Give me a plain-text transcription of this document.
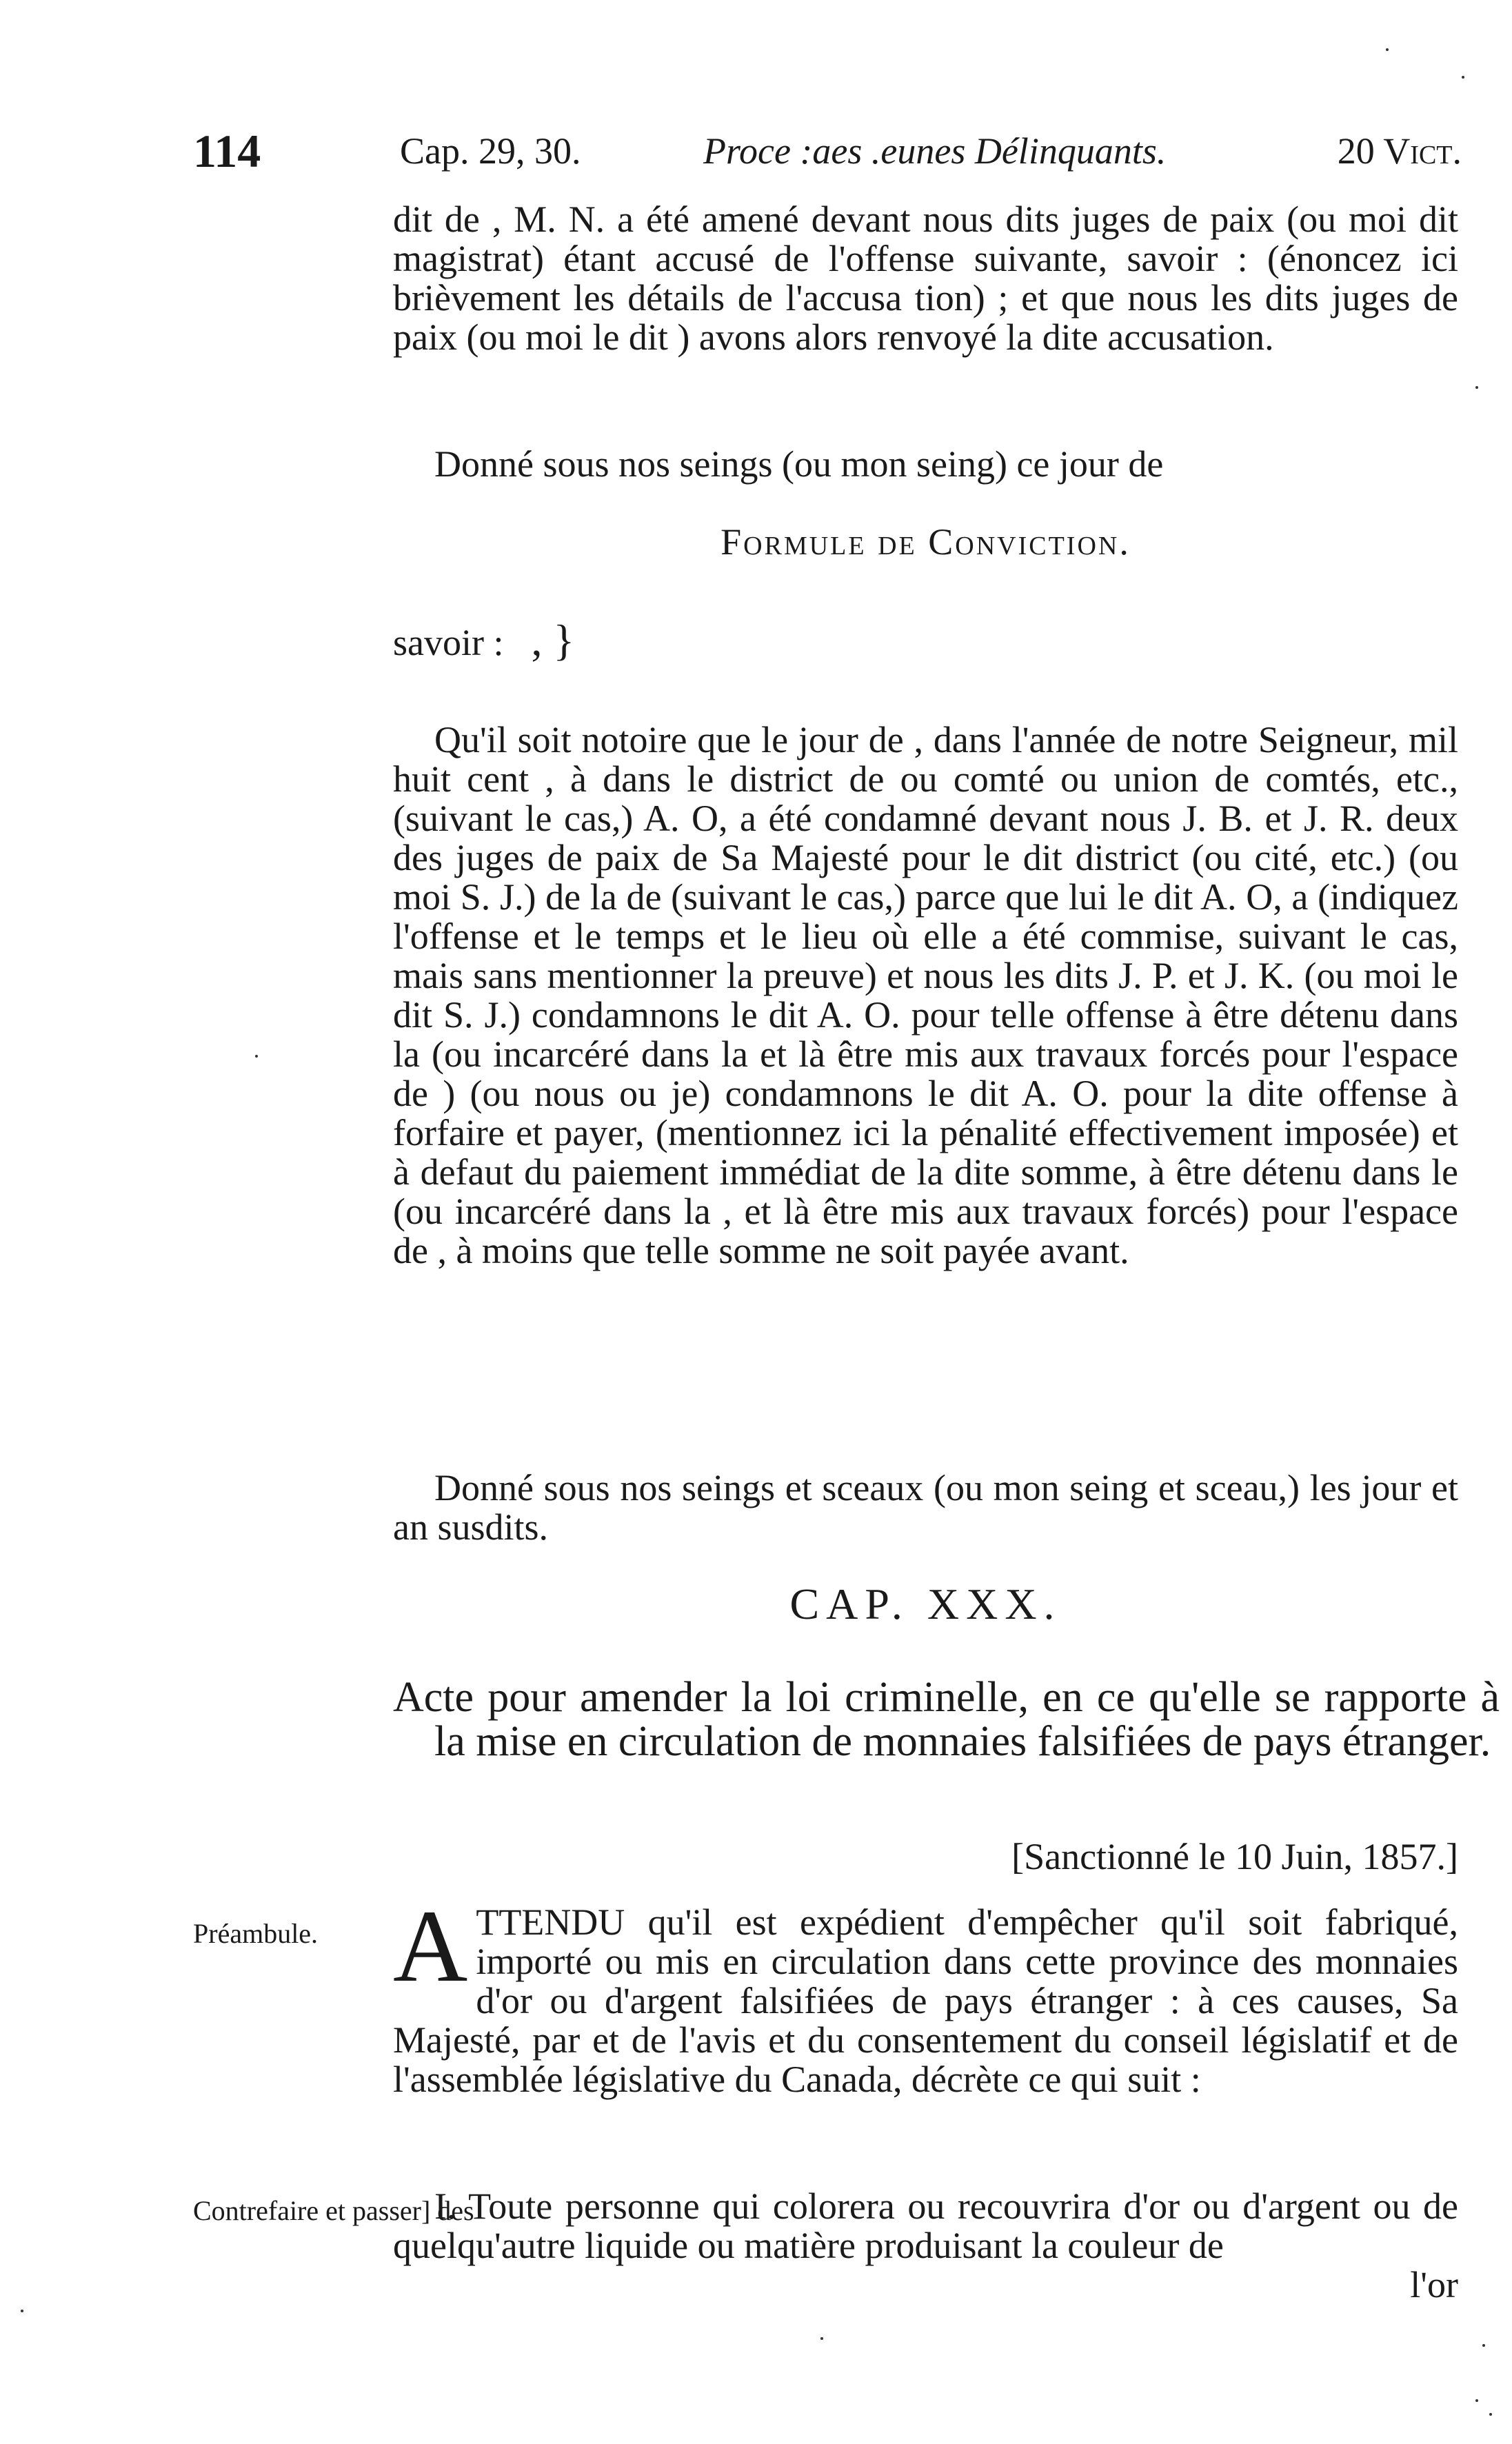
114	Cap. 29, 30.	Proce :aes .eunes Délinquants.	20 Vict.
dit de , M. N. a été amené devant nous dits juges de paix (ou moi dit magistrat) étant accusé de l'offense suivante, savoir : (énoncez ici brièvement les détails de l'accusa tion) ; et que nous les dits juges de paix (ou moi le dit ) avons alors renvoyé la dite accusation.
Donné sous nos seings (ou mon seing) ce jour de
Formule de Conviction.
savoir : , }
Qu'il soit notoire que le jour de , dans l'année de notre Seigneur, mil huit cent , à dans le district de ou comté ou union de comtés, etc., (suivant le cas,) A. O, a été condamné devant nous J. B. et J. R. deux des juges de paix de Sa Majesté pour le dit district (ou cité, etc.) (ou moi S. J.) de la de (suivant le cas,) parce que lui le dit A. O, a (indiquez l'offense et le temps et le lieu où elle a été commise, suivant le cas, mais sans mentionner la preuve) et nous les dits J. P. et J. K. (ou moi le dit S. J.) condamnons le dit A. O. pour telle offense à être détenu dans la (ou incarcéré dans la et là être mis aux travaux forcés pour l'espace de ) (ou nous ou je) condamnons le dit A. O. pour la dite offense à forfaire et payer, (mentionnez ici la pénalité effectivement imposée) et à defaut du paiement immédiat de la dite somme, à être détenu dans le (ou incarcéré dans la , et là être mis aux travaux forcés) pour l'espace de , à moins que telle somme ne soit payée avant.
Donné sous nos seings et sceaux (ou mon seing et sceau,) les jour et an susdits.
CAP. XXX.
Acte pour amender la loi criminelle, en ce qu'elle se rapporte à la mise en circulation de monnaies falsifiées de pays étranger.
[Sanctionné le 10 Juin, 1857.]
Préambule. ATTENDU qu'il est expédient d'empêcher qu'il soit fabriqué, importé ou mis en circulation dans cette province des monnaies d'or ou d'argent falsifiées de pays étranger : à ces causes, Sa Majesté, par et de l'avis et du consentement du conseil législatif et de l'assemblée législative du Canada, décrète ce qui suit :
Contrefaire et passer] des
I. Toute personne qui colorera ou recouvrira d'or ou d'argent ou de quelqu'autre liquide ou matière produisant la couleur de
l'or
